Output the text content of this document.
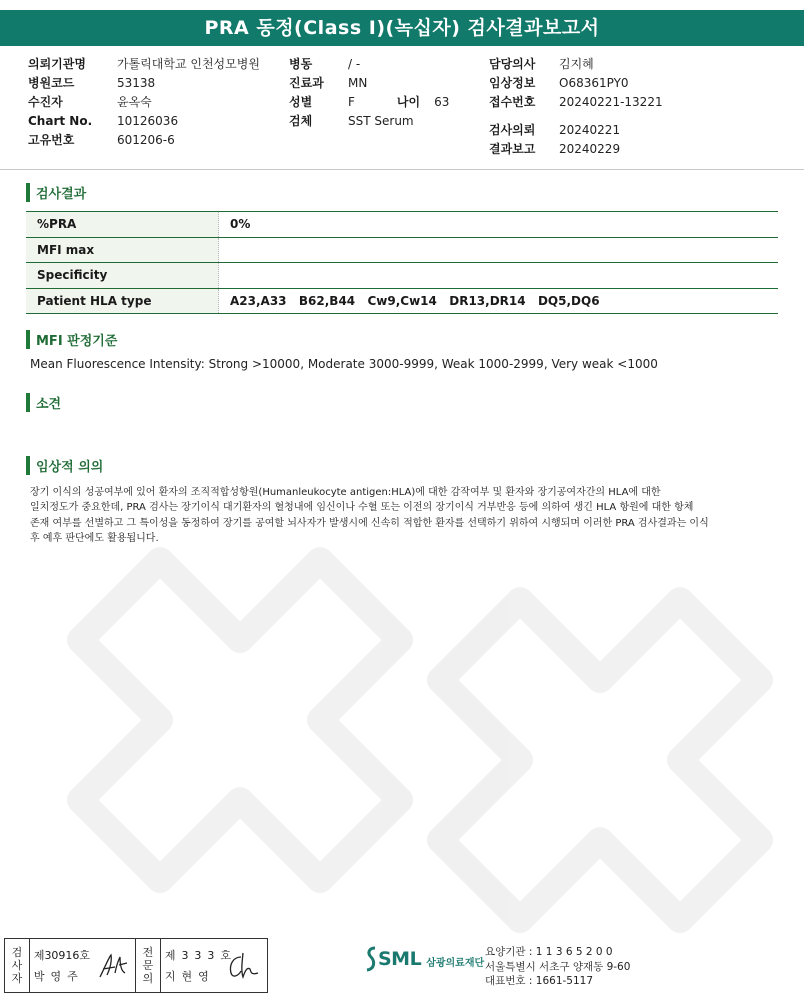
PRA 동정(Class I)(녹십자) 검사결과보고서
의뢰기관명	가톨릭대학교 인천성모병원
병원코드	53138
수진자	윤옥숙
Chart No.	10126036
고유번호	601206-6
병동	/ -
진료과	MN
성별	F	나이 63
검체	SST Serum
담당의사	김지혜
임상정보	O68361PY0
접수번호	20240221-13221
검사의뢰	20240221
결과보고	20240229
검사결과
%PRA	0%
MFI max
Specificity
Patient HLA type	A23,A33  B62,B44  Cw9,Cw14  DR13,DR14  DQ5,DQ6
MFI 판정기준
Mean Fluorescence Intensity: Strong >10000, Moderate 3000-9999, Weak 1000-2999, Very weak <1000
소견
임상적 의의
장기 이식의 성공여부에 있어 환자의 조직적합성항원(Humanleukocyte antigen:HLA)에 대한 감작여부 및 환자와 장기공여자간의 HLA에 대한
일치정도가 중요한데, PRA 검사는 장기이식 대기환자의 혈청내에 임신이나 수혈 또는 이전의 장기이식 거부반응 등에 의하여 생긴 HLA 항원에 대한 항체
존재 여부를 선별하고 그 특이성을 동정하여 장기를 공여할 뇌사자가 발생시에 신속히 적합한 환자를 선택하기 위하여 시행되며 이러한 PRA 검사결과는 이식
후 예후 판단에도 활용됩니다.
검
사
자
제30916호
박영주
전
문
의
제333호
지현영
SML 삼광의료재단
요양기관 : 1 1 3 6 5 2 0 0
서울특별시 서초구 양재동 9-60
대표번호 : 1661-5117
